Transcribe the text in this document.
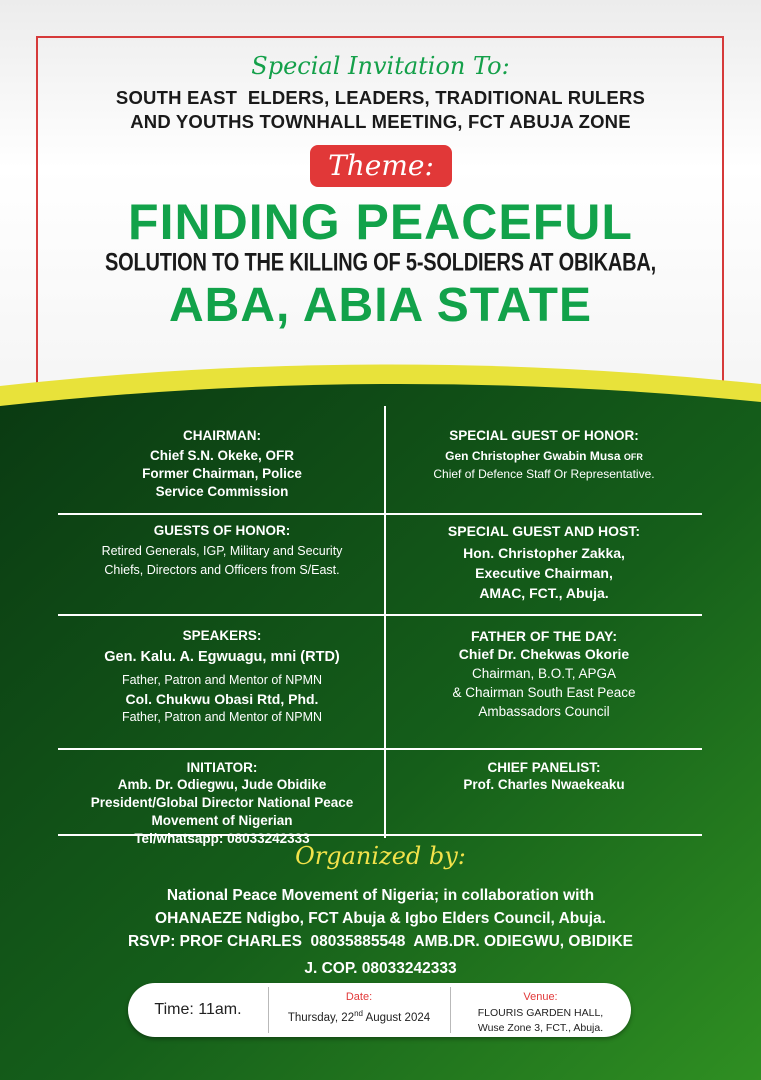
Special Invitation To:
SOUTH EAST  ELDERS, LEADERS, TRADITIONAL RULERS
AND YOUTHS TOWNHALL MEETING, FCT ABUJA ZONE
Theme:
FINDING PEACEFUL
SOLUTION TO THE KILLING OF 5-SOLDIERS AT OBIKABA,
ABA, ABIA STATE
CHAIRMAN:
Chief S.N. Okeke, OFR
Former Chairman, Police
Service Commission
SPECIAL GUEST OF HONOR:
Gen Christopher Gwabin Musa OFR
Chief of Defence Staff Or Representative.
GUESTS OF HONOR:
Retired Generals, IGP, Military and Security
Chiefs, Directors and Officers from S/East.
SPECIAL GUEST AND HOST:
Hon. Christopher Zakka,
Executive Chairman,
AMAC, FCT., Abuja.
SPEAKERS:
Gen. Kalu. A. Egwuagu, mni (RTD)
Father, Patron and Mentor of NPMN
Col. Chukwu Obasi Rtd, Phd.
Father, Patron and Mentor of NPMN
FATHER OF THE DAY:
Chief Dr. Chekwas Okorie
Chairman, B.O.T, APGA
& Chairman South East Peace
Ambassadors Council
INITIATOR:
Amb. Dr. Odiegwu, Jude Obidike
President/Global Director National Peace
Movement of Nigerian
Tel/whatsapp: 08033242333
CHIEF PANELIST:
Prof. Charles Nwaekeaku
Organized by:
National Peace Movement of Nigeria; in collaboration with
OHANAEZE Ndigbo, FCT Abuja & Igbo Elders Council, Abuja.
RSVP: PROF CHARLES  08035885548  AMB.DR. ODIEGWU, OBIDIKE
J. COP. 08033242333
Time: 11am.
Date:
Thursday, 22nd August 2024
Venue:
FLOURIS GARDEN HALL,
Wuse Zone 3, FCT., Abuja.
